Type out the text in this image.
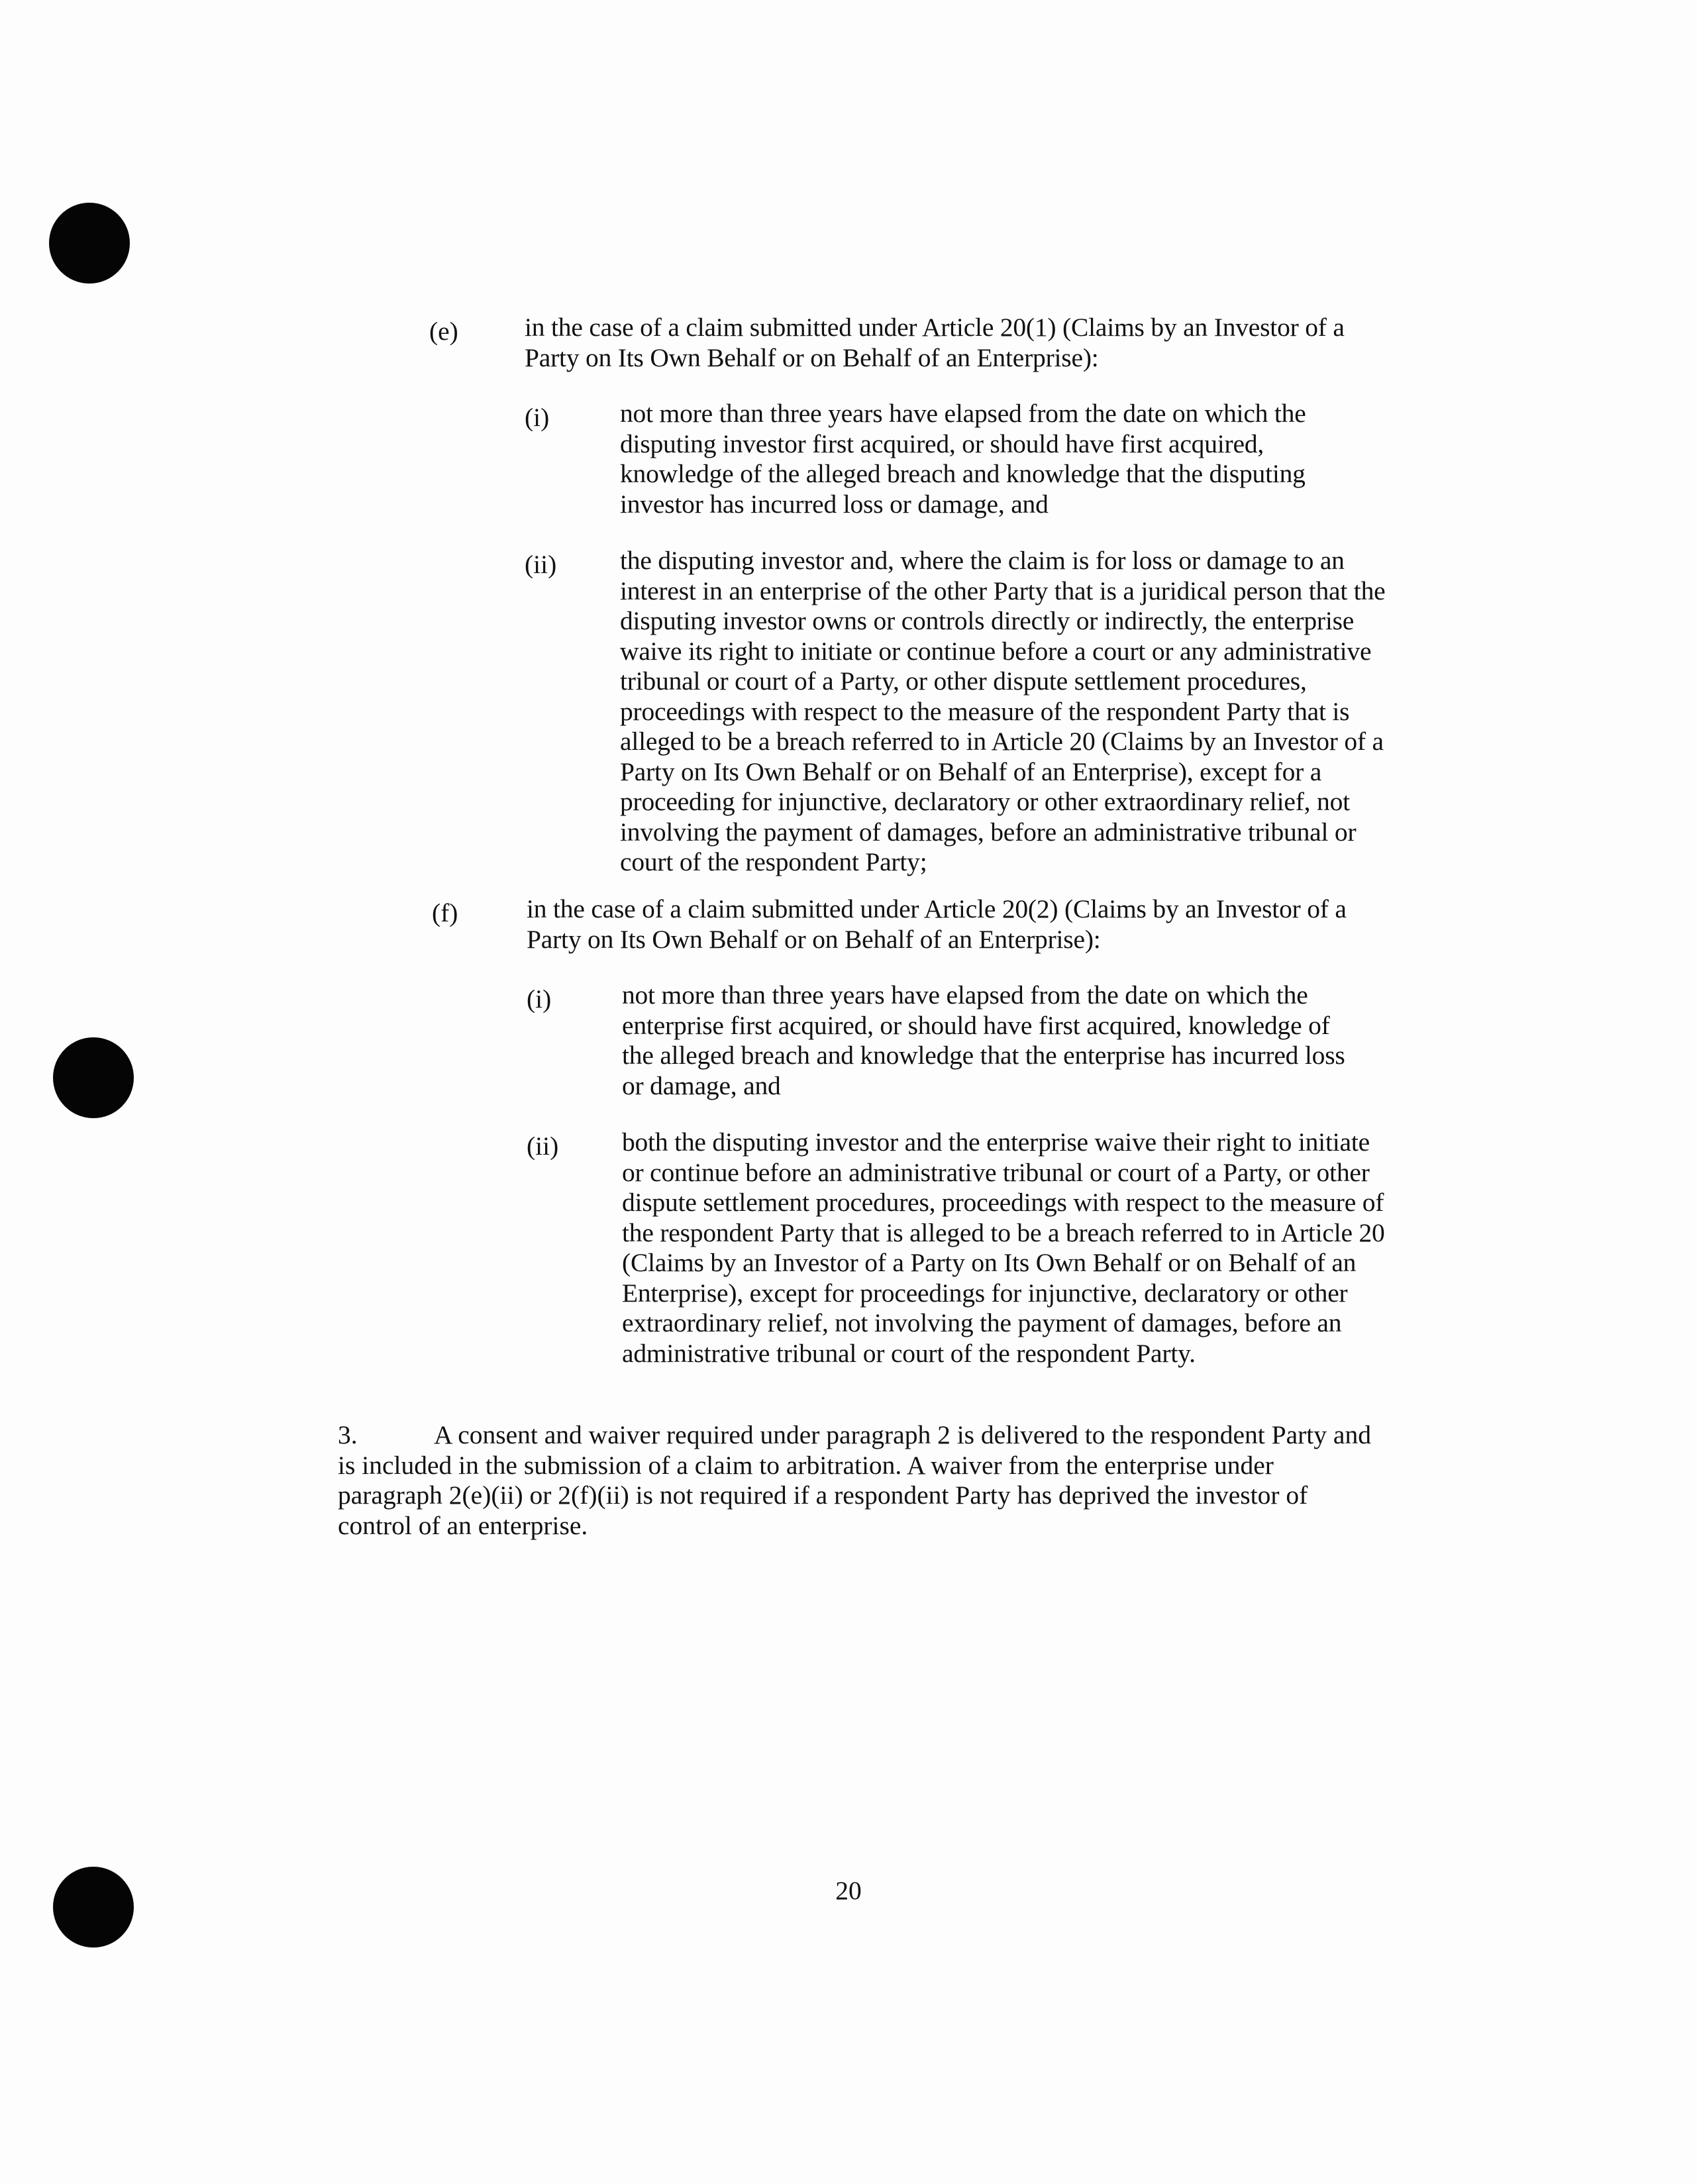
(e)	in the case of a claim submitted under Article 20(1) (Claims by an Investor of a Party on Its Own Behalf or on Behalf of an Enterprise):
(i)	not more than three years have elapsed from the date on which the disputing investor first acquired, or should have first acquired, knowledge of the alleged breach and knowledge that the disputing investor has incurred loss or damage, and
(ii) the disputing investor and, where the claim is for loss or damage to an interest in an enterprise of the other Party that is a juridical person that the disputing investor owns or controls directly or indirectly, the enterprise waive its right to initiate or continue before a court or any administrative tribunal or court of a Party, or other dispute settlement procedures, proceedings with respect to the measure of the respondent Party that is alleged to be a breach referred to in Article 20 (Claims by an Investor of a Party on Its Own Behalf or on Behalf of an Enterprise), except for a proceeding for injunctive, declaratory or other extraordinary relief, not involving the payment of damages, before an administrative tribunal or court of the respondent Party;
(f)	in the case of a claim submitted under Article 20(2) (Claims by an Investor of a Party on Its Own Behalf or on Behalf of an Enterprise):
(i)	not more than three years have elapsed from the date on which the enterprise first acquired, or should have first acquired, knowledge of the alleged breach and knowledge that the enterprise has incurred loss or damage, and
(ii) both the disputing investor and the enterprise waive their right to initiate or continue before an administrative tribunal or court of a Party, or other dispute settlement procedures, proceedings with respect to the measure of the respondent Party that is alleged to be a breach referred to in Article 20 (Claims by an Investor of a Party on Its Own Behalf or on Behalf of an Enterprise), except for proceedings for injunctive, declaratory or other extraordinary relief, not involving the payment of damages, before an administrative tribunal or court of the respondent Party.
3.	A consent and waiver required under paragraph 2 is delivered to the respondent Party and is included in the submission of a claim to arbitration. A waiver from the enterprise under paragraph 2(e)(ii) or 2(f)(ii) is not required if a respondent Party has deprived the investor of control of an enterprise.
20
